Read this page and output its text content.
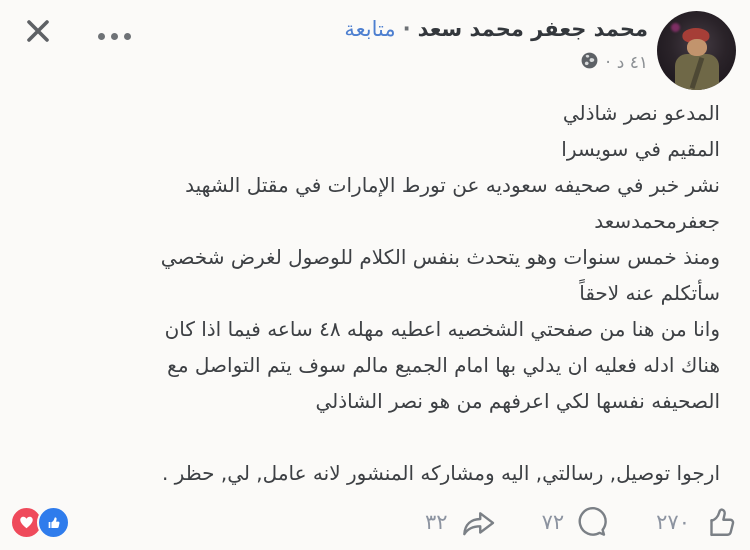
محمد جعفر محمد سعد
·
متابعة
٤١ د
·
المدعو نصر شاذلي
المقيم في سويسرا
نشر خبر في صحيفه سعوديه عن تورط الإمارات في مقتل الشهيد
جعفرمحمدسعد
ومنذ خمس سنوات وهو يتحدث بنفس الكلام للوصول لغرض شخصي
سأتكلم عنه لاحقاً
وانا من هنا من صفحتي الشخصيه اعطيه مهله ٤٨ ساعه فيما اذا كان
هناك ادله فعليه ان يدلي بها امام الجميع مالم سوف يتم التواصل مع
الصحيفه نفسها لكي اعرفهم من هو نصر الشاذلي
ارجوا توصيل, رسالتي, اليه ومشاركه المنشور لانه عامل, لي, حظر .
٢٧٠
٧٢
٣٢
